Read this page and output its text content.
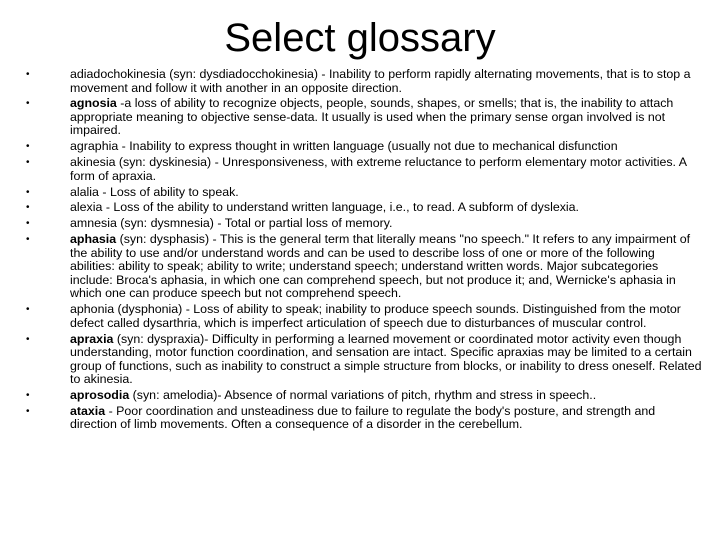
Select glossary
•	adiadochokinesia (syn: dysdiadocchokinesia) - Inability to perform rapidly alternating movements, that is to stop a movement and follow it with another in an opposite direction.
•	agnosia -a loss of ability to recognize objects, people, sounds, shapes, or smells; that is, the inability to attach appropriate meaning to objective sense-data. It usually is used when the primary sense organ involved is not impaired.
•	agraphia - Inability to express thought in written language (usually not due to mechanical disfunction
•	akinesia (syn: dyskinesia) - Unresponsiveness, with extreme reluctance to perform elementary motor activities. A form of apraxia.
•	alalia - Loss of ability to speak.
•	alexia - Loss of the ability to understand written language, i.e., to read. A subform of dyslexia.
•	amnesia (syn: dysmnesia) - Total or partial loss of memory.
•	aphasia (syn: dysphasis) - This is the general term that literally means "no speech." It refers to any impairment of the ability to use and/or understand words and can be used to describe loss of one or more of the following abilities: ability to speak; ability to write; understand speech; understand written words. Major subcategories include: Broca's aphasia, in which one can comprehend speech, but not produce it; and, Wernicke's aphasia in which one can produce speech but not comprehend speech.
•	aphonia (dysphonia) - Loss of ability to speak; inability to produce speech sounds. Distinguished from the motor defect called dysarthria, which is imperfect articulation of speech due to disturbances of muscular control.
•	apraxia (syn: dyspraxia)- Difficulty in performing a learned movement or coordinated motor activity even though understanding, motor function coordination, and sensation are intact. Specific apraxias may be limited to a certain group of functions, such as inability to construct a simple structure from blocks, or inability to dress oneself. Related to akinesia.
•	aprosodia (syn: amelodia)- Absence of normal variations of pitch, rhythm and stress in speech..
•	ataxia - Poor coordination and unsteadiness due to failure to regulate the body's posture, and strength and direction of limb movements. Often a consequence of a disorder in the cerebellum.
